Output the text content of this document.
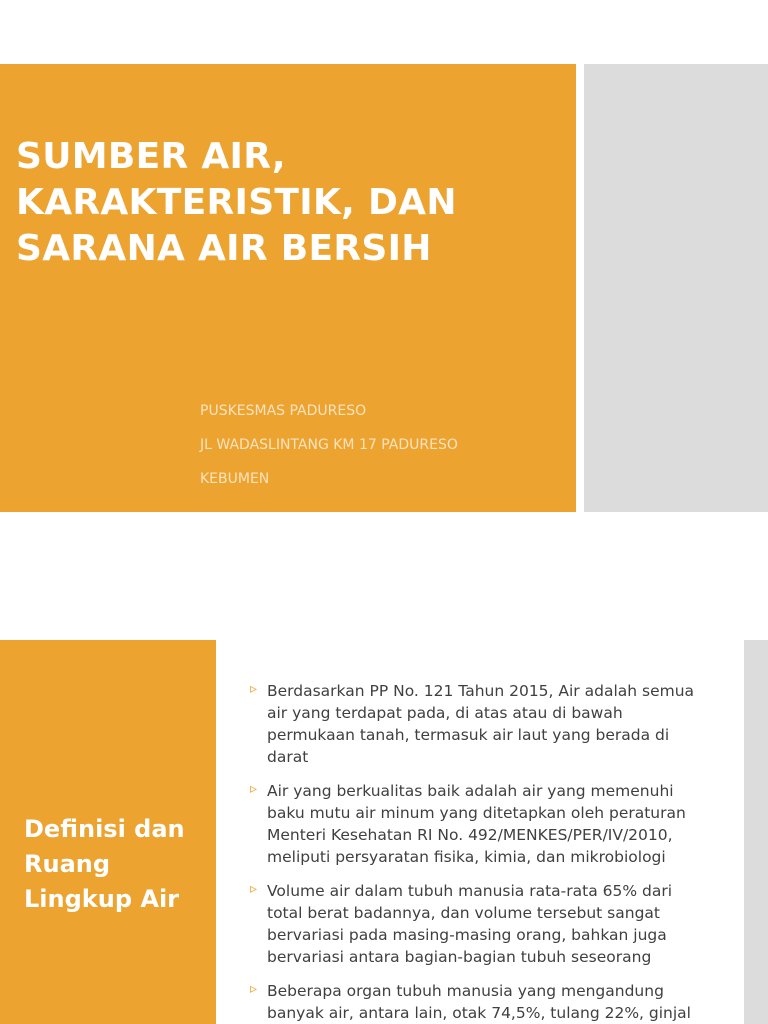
SUMBER AIR,
KARAKTERISTIK, DAN
SARANA AIR BERSIH
PUSKESMAS PADURESO
JL WADASLINTANG KM 17 PADURESO
KEBUMEN
Definisi dan
Ruang
Lingkup Air
▹ Berdasarkan PP No. 121 Tahun 2015, Air adalah semua
air yang terdapat pada, di atas atau di bawah
permukaan tanah, termasuk air laut yang berada di
darat
▹ Air yang berkualitas baik adalah air yang memenuhi
baku mutu air minum yang ditetapkan oleh peraturan
Menteri Kesehatan RI No. 492/MENKES/PER/IV/2010,
meliputi persyaratan fisika, kimia, dan mikrobiologi
▹ Volume air dalam tubuh manusia rata-rata 65% dari
total berat badannya, dan volume tersebut sangat
bervariasi pada masing-masing orang, bahkan juga
bervariasi antara bagian-bagian tubuh seseorang
▹ Beberapa organ tubuh manusia yang mengandung
banyak air, antara lain, otak 74,5%, tulang 22%, ginjal
